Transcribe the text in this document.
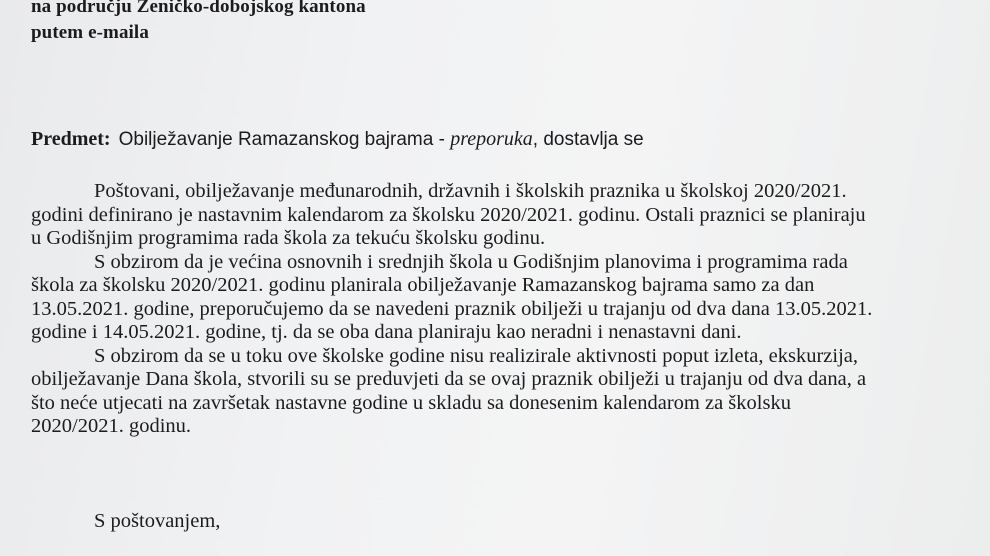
na području Zeničko-dobojskog kantona
putem e-maila
Predmet: Obilježavanje Ramazanskog bajrama - preporuka, dostavlja se

Poštovani, obilježavanje međunarodnih, državnih i školskih praznika u školskoj 2020/2021.
godini definirano je nastavnim kalendarom za školsku 2020/2021. godinu. Ostali praznici se planiraju
u Godišnjim programima rada škola za tekuću školsku godinu.

S obzirom da je većina osnovnih i srednjih škola u Godišnjim planovima i programima rada
škola za školsku 2020/2021. godinu planirala obilježavanje Ramazanskog bajrama samo za dan
13.05.2021. godine, preporučujemo da se navedeni praznik obilježi u trajanju od dva dana 13.05.2021.
godine i 14.05.2021. godine, tj. da se oba dana planiraju kao neradni i nenastavni dani.

S obzirom da se u toku ove školske godine nisu realizirale aktivnosti poput izleta, ekskurzija,
obilježavanje Dana škola, stvorili su se preduvjeti da se ovaj praznik obilježi u trajanju od dva dana, a
što neće utjecati na završetak nastavne godine u skladu sa donesenim kalendarom za školsku
2020/2021. godinu.

S poštovanjem,
